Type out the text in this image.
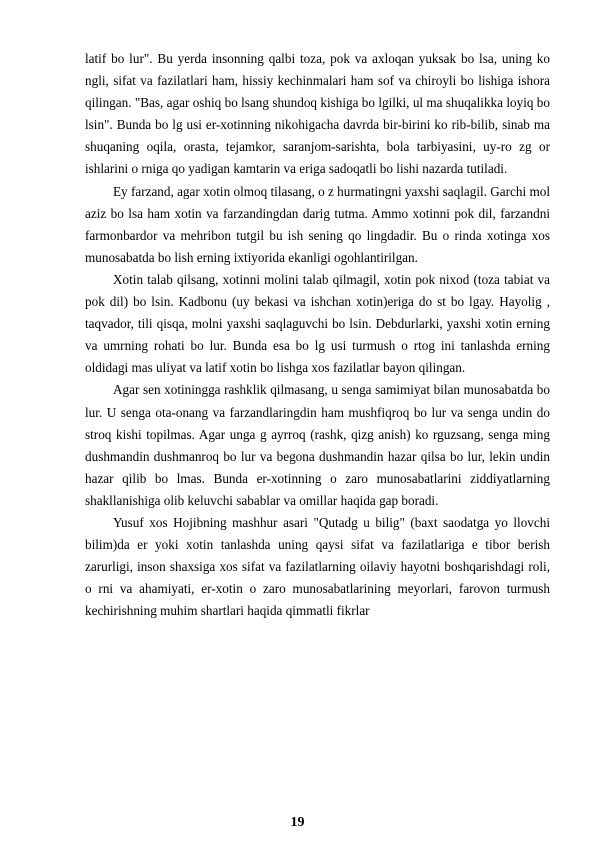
latif bo lur". Bu yerda insonning qalbi toza, pok va axloqan yuksak bo lsa, uning ko ngli, sifat va fazilatlari ham, hissiy kechinmalari ham sof va chiroyli bo lishiga ishora qilingan. "Bas, agar oshiq bo lsang shundoq kishiga bo lgilki, ul ma shuqalikka loyiq bo lsin". Bunda bo lg usi er-xotinning nikohigacha davrda bir-birini ko rib-bilib, sinab ma shuqaning oqila, orasta, tejamkor, saranjom-sarishta, bola tarbiyasini, uy-ro zg or ishlarini o rniga qo yadigan kamtarin va eriga sadoqatli bo lishi nazarda tutiladi.

Ey farzand, agar xotin olmoq tilasang, o z hurmatingni yaxshi saqlagil. Garchi mol aziz bo lsa ham xotin va farzandingdan darig tutma. Ammo xotinni pok dil, farzandni farmonbardor va mehribon tutgil bu ish sening qo lingdadir. Bu o rinda xotinga xos munosabatda bo lish erning ixtiyorida ekanligi ogohlantirilgan.

Xotin talab qilsang, xotinni molini talab qilmagil, xotin pok nixod (toza tabiat va pok dil) bo lsin. Kadbonu (uy bekasi va ishchan xotin)eriga do st bo lgay. Hayolig , taqvador, tili qisqa, molni yaxshi saqlaguvchi bo lsin. Debdurlarki, yaxshi xotin erning va umrning rohati bo lur. Bunda esa bo lg usi turmush o rtog ini tanlashda erning oldidagi mas uliyat va latif xotin bo lishga xos fazilatlar bayon qilingan.

Agar sen xotiningga rashklik qilmasang, u senga samimiyat bilan munosabatda bo lur. U senga ota-onang va farzandlaringdin ham mushfiqroq bo lur va senga undin do stroq kishi topilmas. Agar unga g ayrroq (rashk, qizg anish) ko rguzsang, senga ming dushmandin dushmanroq bo lur va begona dushmandin hazar qilsa bo lur, lekin undin hazar qilib bo lmas. Bunda er-xotinning o zaro munosabatlarini ziddiyatlarning shakllanishiga olib keluvchi sabablar va omillar haqida gap boradi.

Yusuf xos Hojibning mashhur asari "Qutadg u bilig" (baxt saodatga yo llovchi bilim)da er yoki xotin tanlashda uning qaysi sifat va fazilatlariga e tibor berish zarurligi, inson shaxsiga xos sifat va fazilatlarning oilaviy hayotni boshqarishdagi roli, o rni va ahamiyati, er-xotin o zaro munosabatlarining meyorlari, farovon turmush kechirishning muhim shartlari haqida qimmatli fikrlar

19
